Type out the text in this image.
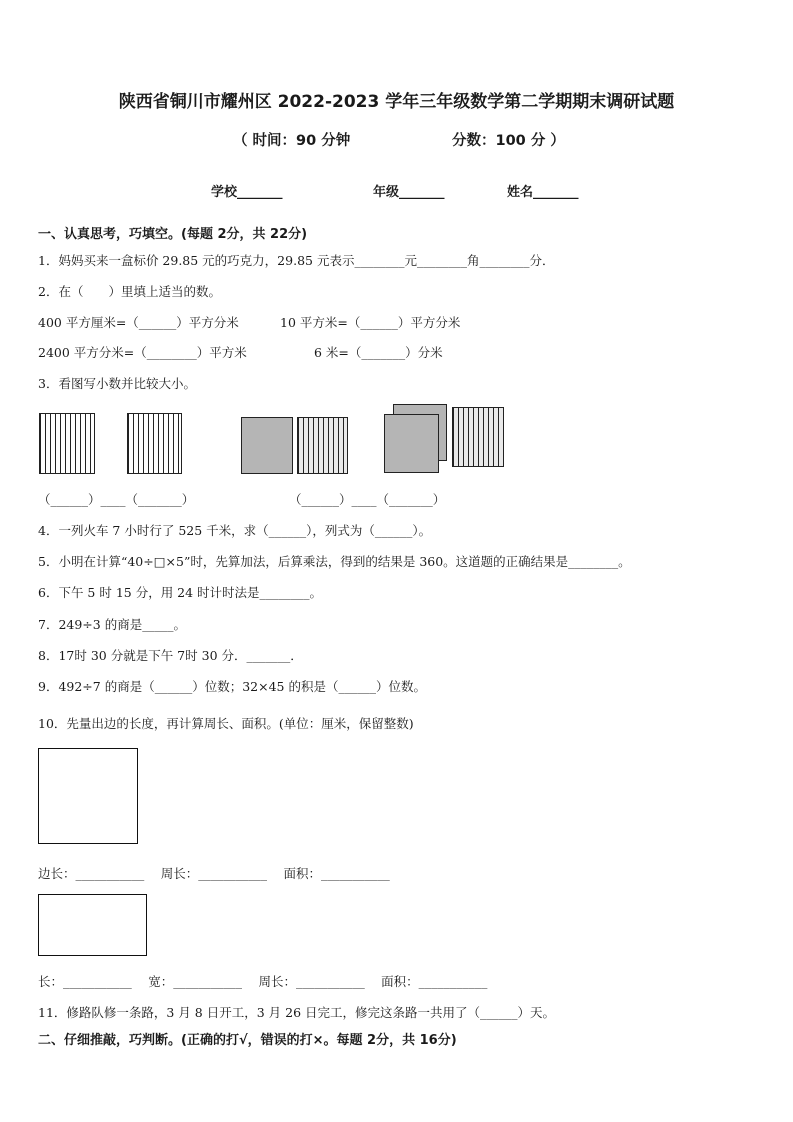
陕西省铜川市耀州区 2022-2023 学年三年级数学第二学期期末调研试题
（ 时间：90 分钟	分数：100 分 ）
学校_______	年级_______	姓名_______
一、认真思考，巧填空。(每题 2分，共 22分)
1．妈妈买来一盒标价 29.85 元的巧克力，29.85 元表示________元________角________分．
2．在（　　）里填上适当的数。
400 平方厘米=（______）平方分米	10 平方米=（______）平方分米
2400 平方分米=（________）平方米	6 米=（_______）分米
3．看图写小数并比较大小。
（______）____（_______）	（______）____（_______）
4．一列火车 7 小时行了 525 千米，求（______），列式为（______）。
5．小明在计算“40÷□×5”时，先算加法，后算乘法，得到的结果是 360。这道题的正确结果是________。
6．下午 5 时 15 分，用 24 时计时法是________。
7．249÷3 的商是_____。
8．17时 30 分就是下午 7时 30 分．_______．
9．492÷7 的商是（______）位数；32×45 的积是（______）位数。
10．先量出边的长度，再计算周长、面积。(单位：厘米，保留整数)
边长：___________　 周长：___________ 　面积：___________
长：___________ 　宽：___________ 　周长：___________ 　面积：___________
11．修路队修一条路，3 月 8 日开工，3 月 26 日完工，修完这条路一共用了（______）天。
二、仔细推敲，巧判断。(正确的打√，错误的打×。每题 2分，共 16分)
